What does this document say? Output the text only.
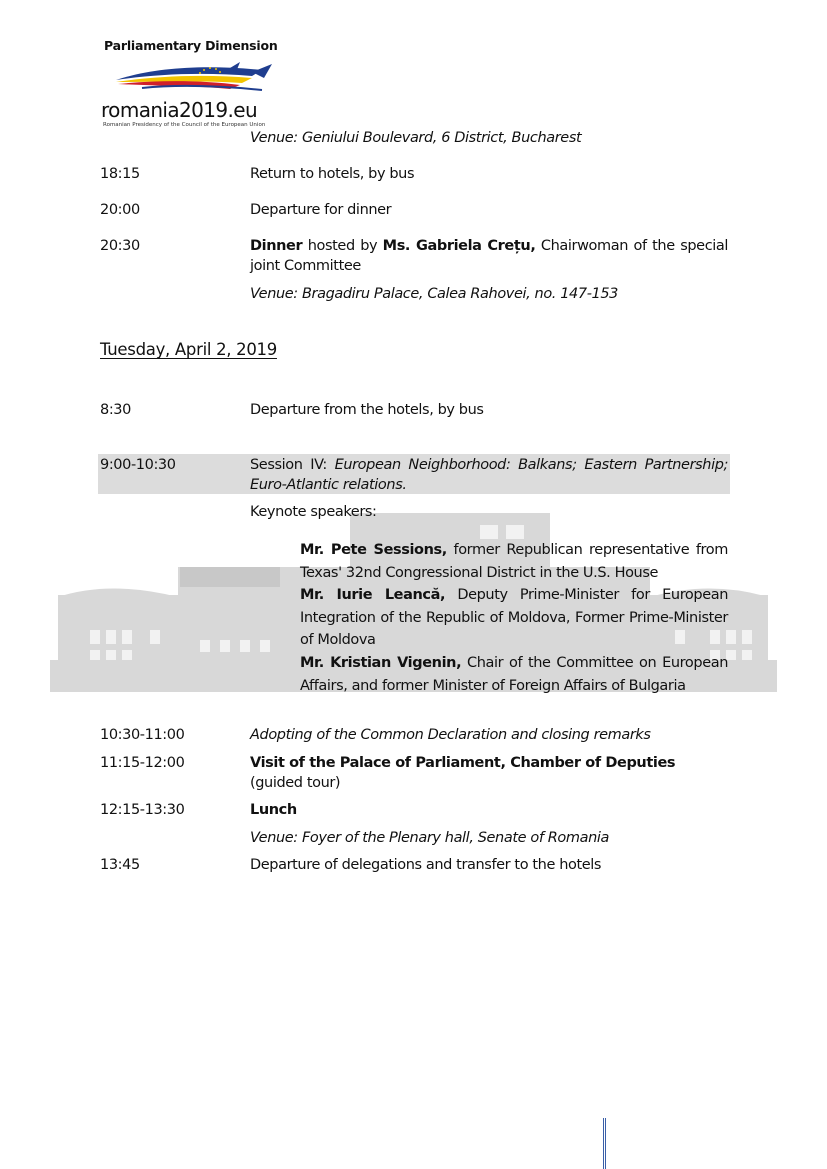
Parliamentary Dimension
romania2019.eu
Romanian Presidency of the Council of the European Union
Venue: Geniului Boulevard, 6 District, Bucharest
18:15	Return to hotels, by bus
20:00	Departure for dinner
20:30	Dinner hosted by Ms. Gabriela Crețu, Chairwoman of the special joint Committee
Venue: Bragadiru Palace, Calea Rahovei, no. 147-153
Tuesday, April 2, 2019
8:30	Departure from the hotels, by bus
9:00-10:30	Session IV: European Neighborhood: Balkans; Eastern Partnership; Euro-Atlantic relations.
Keynote speakers:
Mr. Pete Sessions, former Republican representative from Texas' 32nd Congressional District in the U.S. House
Mr. Iurie Leancă, Deputy Prime-Minister for European Integration of the Republic of Moldova, Former Prime-Minister of Moldova
Mr. Kristian Vigenin, Chair of the Committee on European Affairs, and former Minister of Foreign Affairs of Bulgaria
10:30-11:00	Adopting of the Common Declaration and closing remarks
11:15-12:00	Visit of the Palace of Parliament, Chamber of Deputies
(guided tour)
12:15-13:30	Lunch
Venue: Foyer of the Plenary hall, Senate of Romania
13:45	Departure of delegations and transfer to the hotels
